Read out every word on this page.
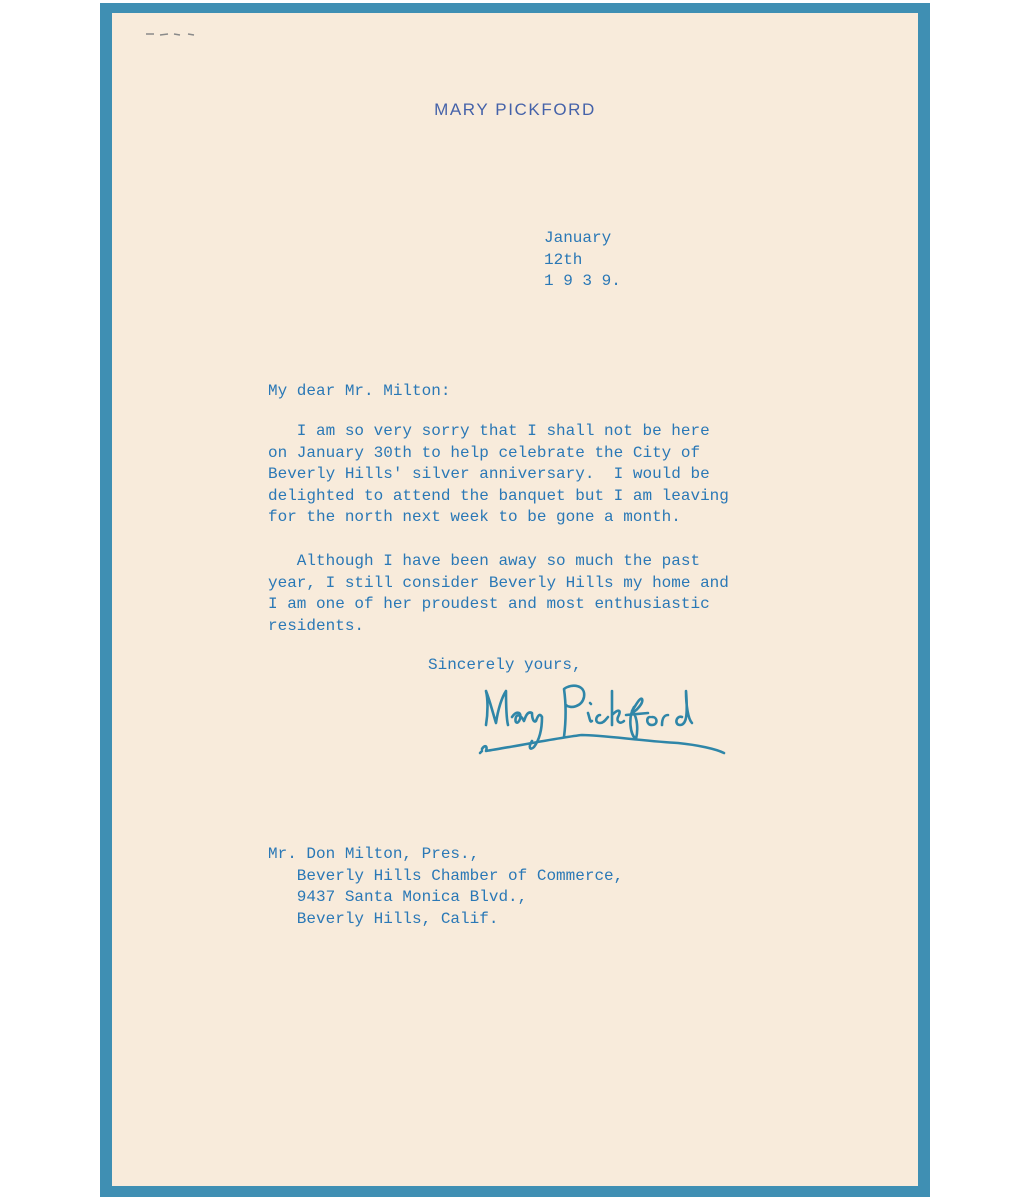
MARY PICKFORD
January
12th
1 9 3 9.
My dear Mr. Milton:
I am so very sorry that I shall not be here
on January 30th to help celebrate the City of
Beverly Hills' silver anniversary.  I would be
delighted to attend the banquet but I am leaving
for the north next week to be gone a month.
Although I have been away so much the past
year, I still consider Beverly Hills my home and
I am one of her proudest and most enthusiastic
residents.
Sincerely yours,
Mr. Don Milton, Pres.,
Beverly Hills Chamber of Commerce,
9437 Santa Monica Blvd.,
Beverly Hills, Calif.
